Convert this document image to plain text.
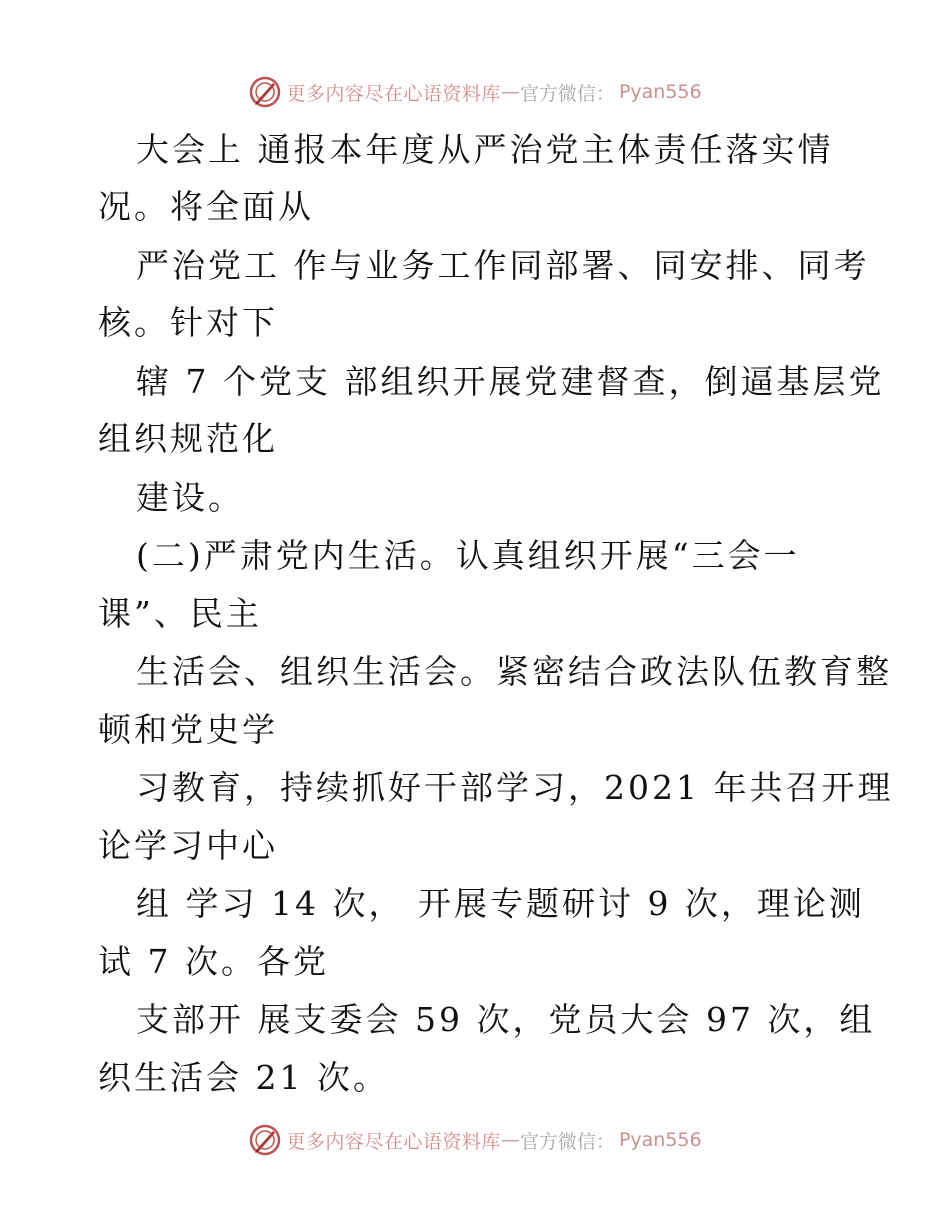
更多内容尽在心语资料库 — 官方微信： Pyan556
大会上 通报本年度从严治党主体责任落实情
况。将全面从
严治党工 作与业务工作同部署、同安排、同考
核。针对下
辖 7 个党支 部组织开展党建督查，倒逼基层党
组织规范化
建设。
(二)严肃党内生活。认真组织开展“三会一
课”、民主
生活会、组织生活会。紧密结合政法队伍教育整
顿和党史学
习教育，持续抓好干部学习，2021 年共召开理
论学习中心
组 学习 14 次， 开展专题研讨 9 次，理论测
试 7 次。各党
支部开 展支委会 59 次，党员大会 97 次，组
织生活会 21 次。
更多内容尽在心语资料库 — 官方微信： Pyan556
